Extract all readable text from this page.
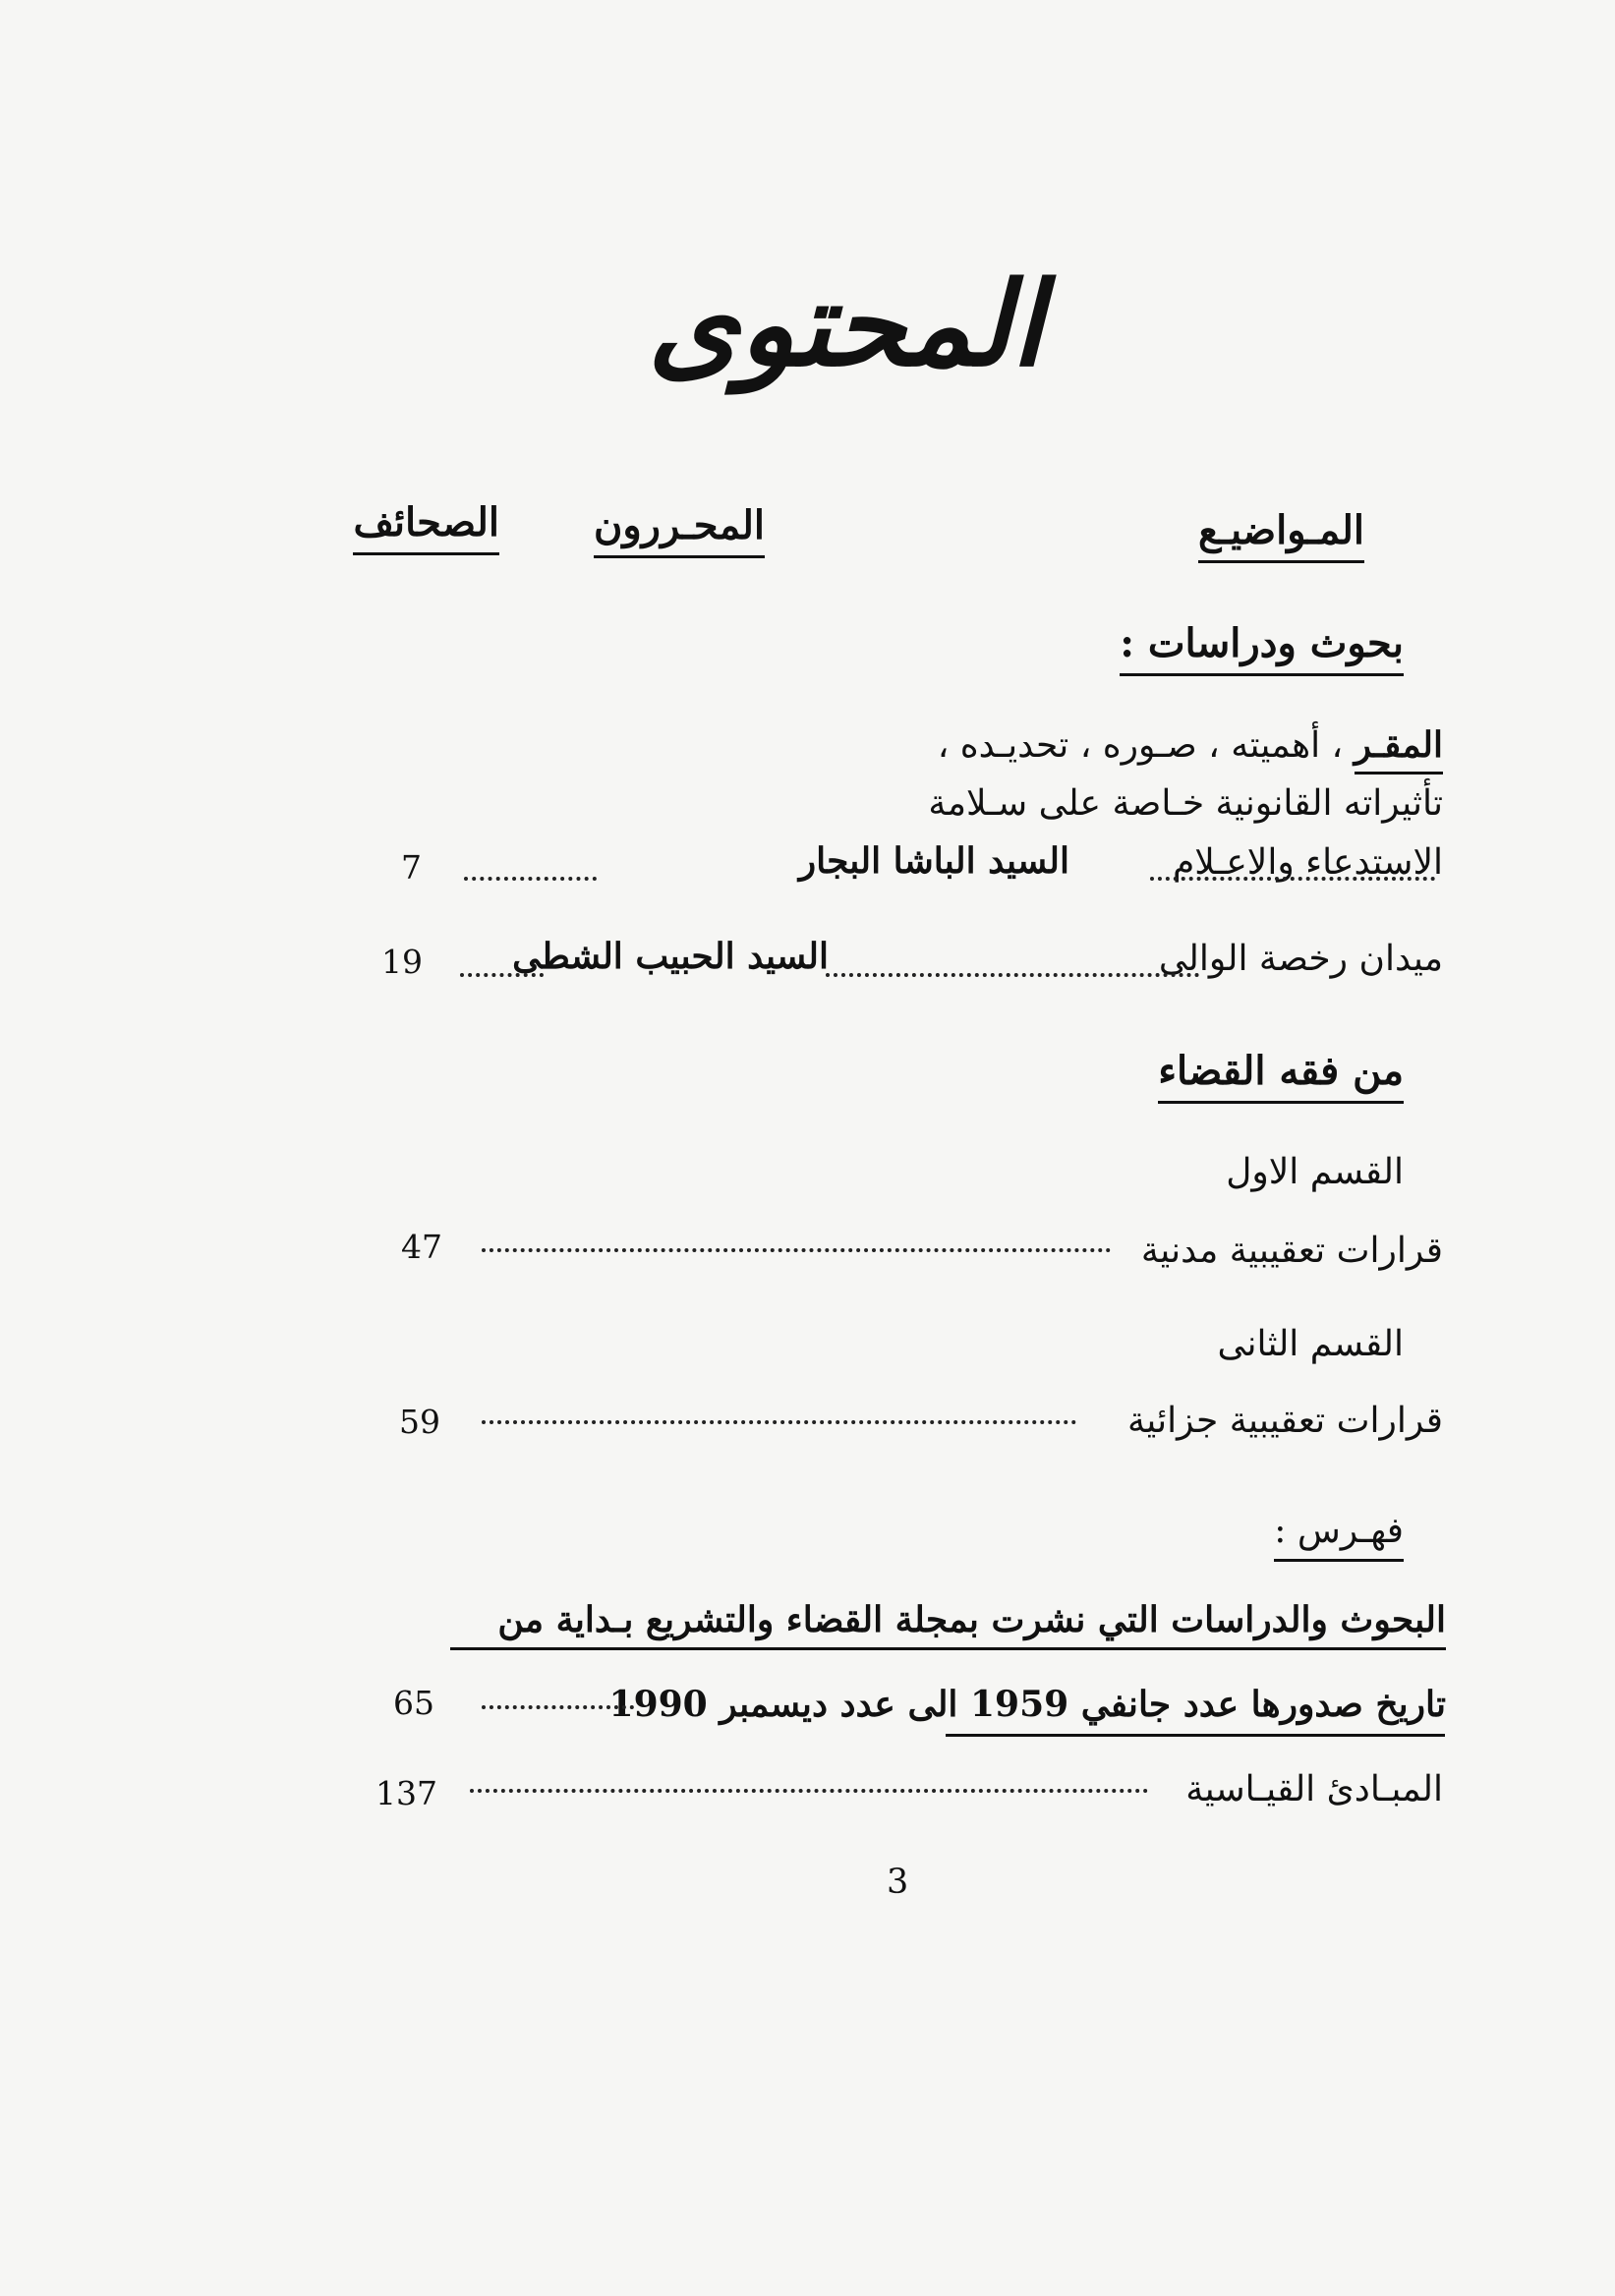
المحتوى
المـواضيـع
المحـررون
الصحائف
بحوث ودراسات :
المقـر ، أهميته ، صـوره ، تحديـده ،
تأثيراته القانونية خـاصة على سـلامة
الاستدعاء والاعـلام
السيد الباشا البجار
7
ميدان رخصة الوالى
السيد الحبيب الشطى
19
من فقه القضاء
القسم الاول
قرارات تعقيبية مدنية
47
القسم الثانى
قرارات تعقيبية جزائية
59
فهـرس :
البحوث والدراسات التي نشرت بمجلة القضاء والتشريع بـداية من
تاريخ صدورها عدد جانفي 1959 الى عدد ديسمبر 1990
65
المبـادئ القيـاسية
137
3
